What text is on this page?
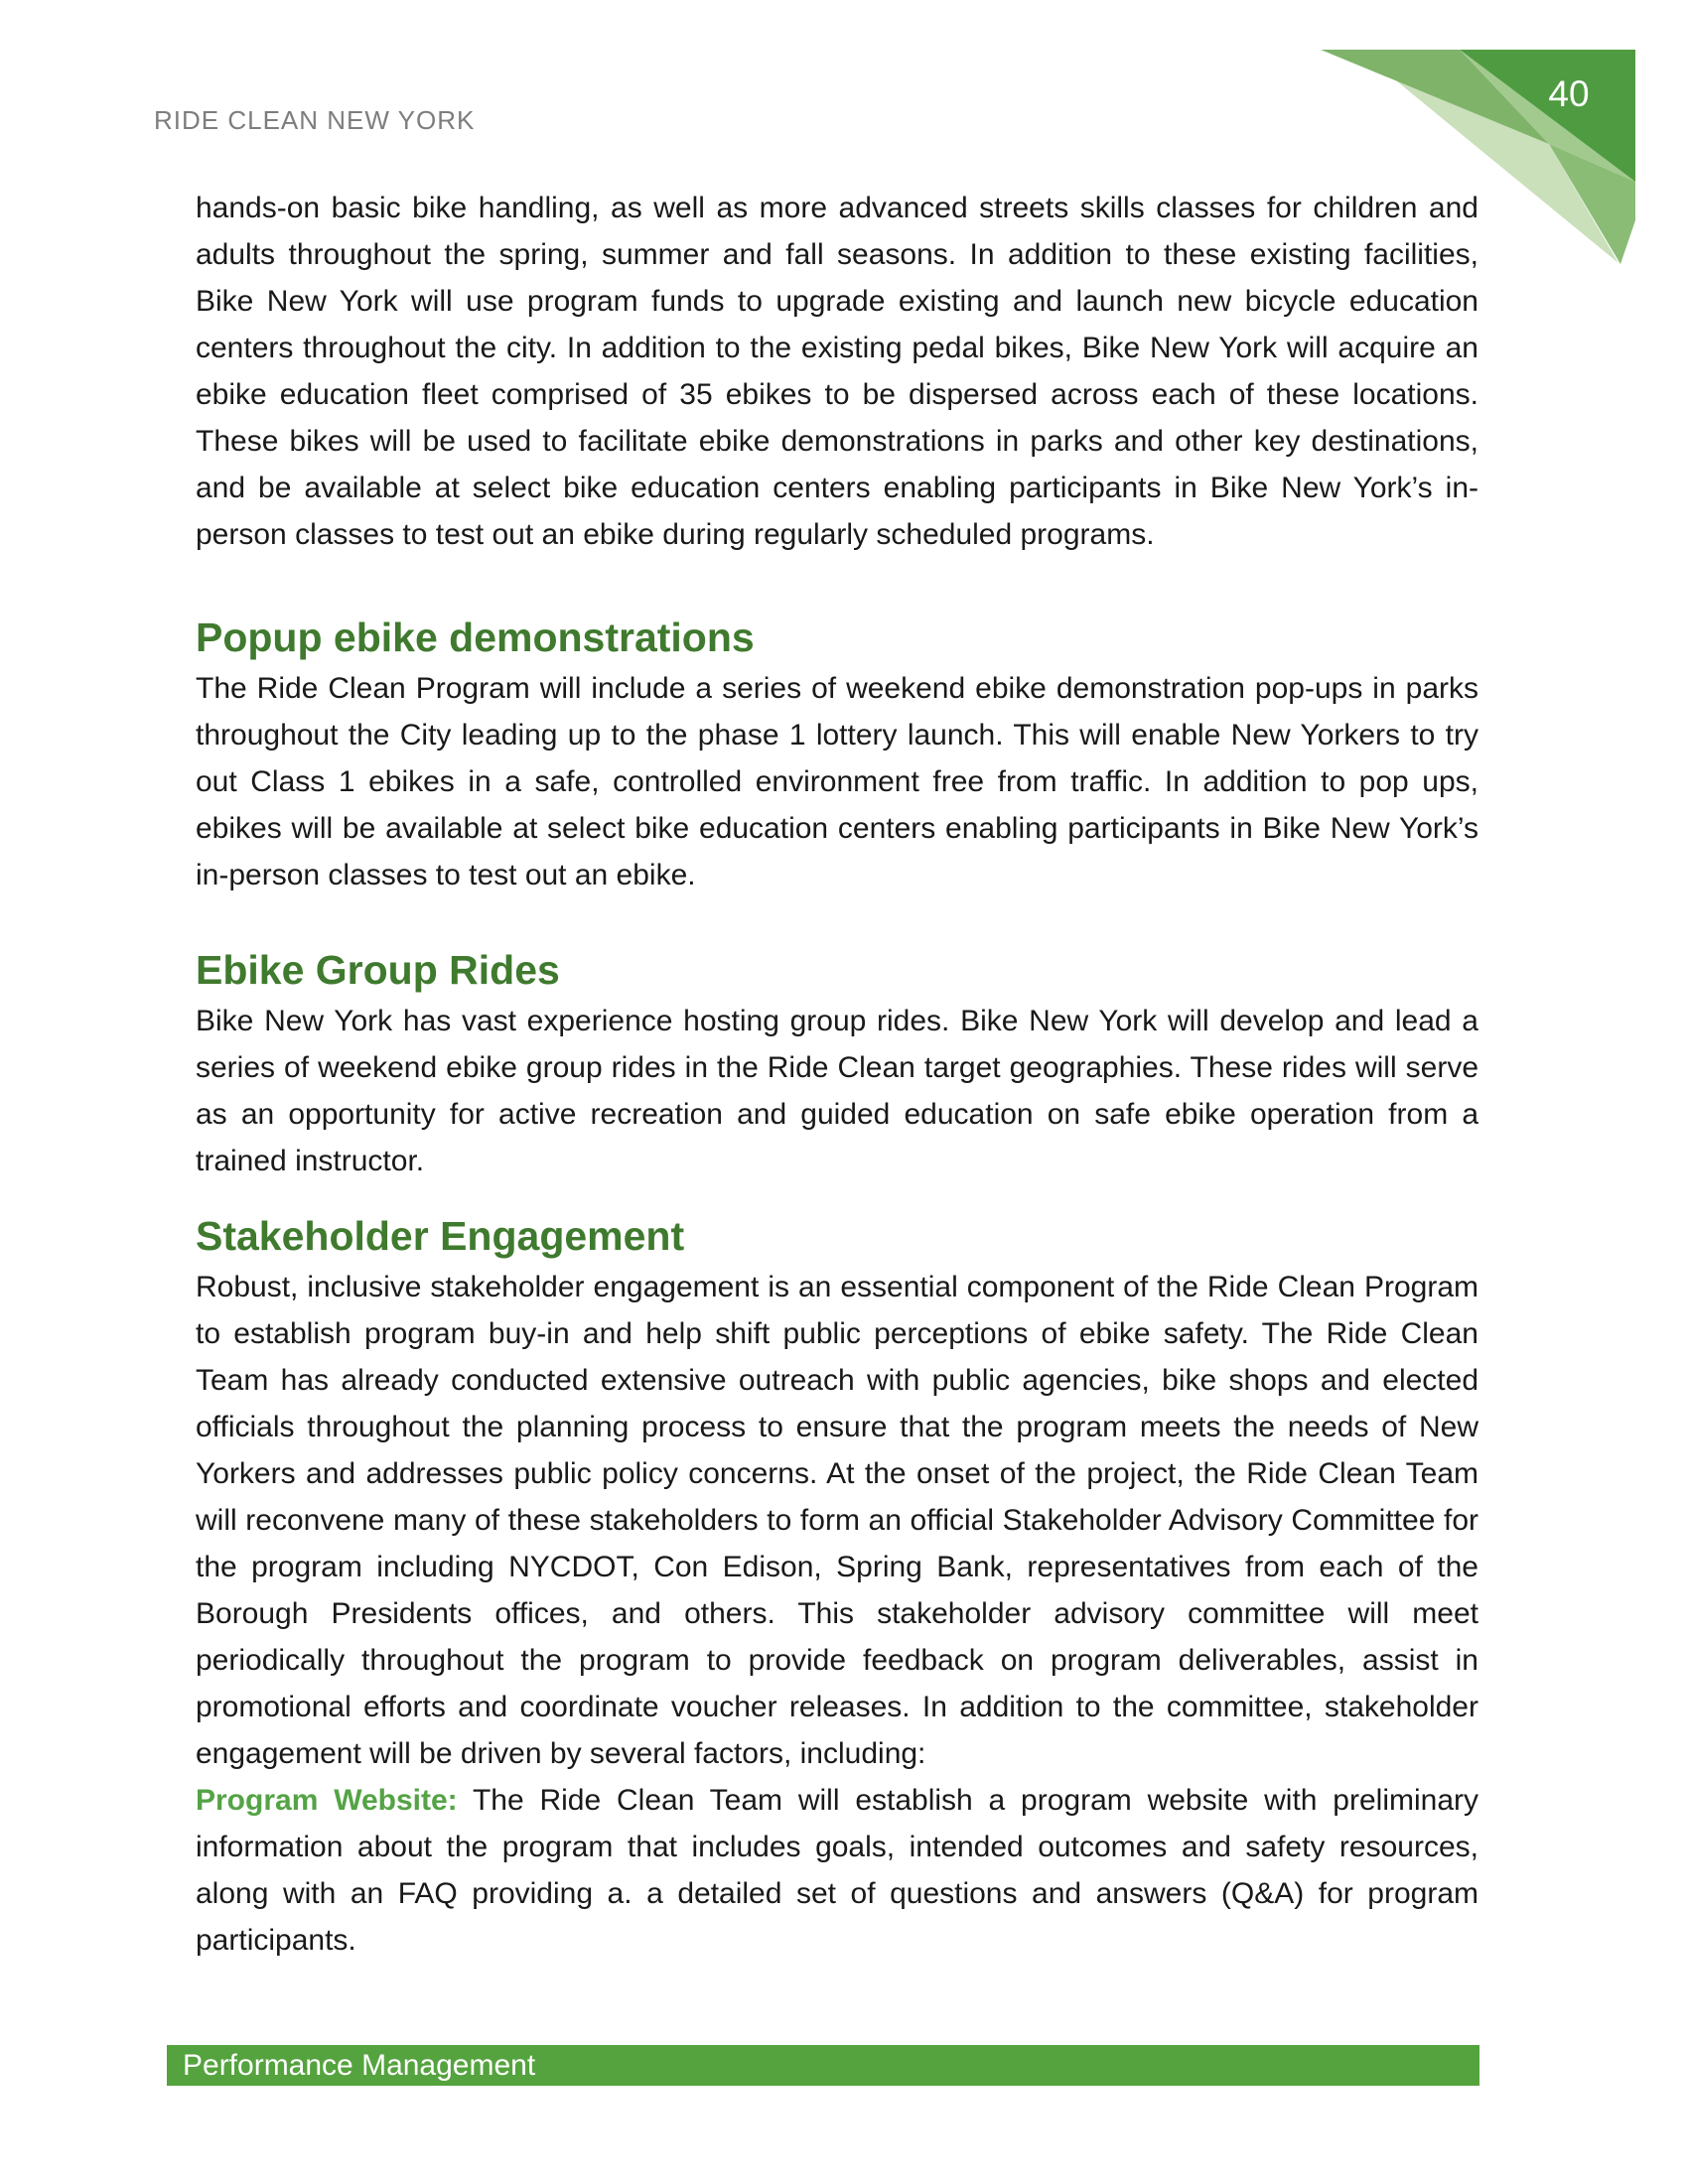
RIDE CLEAN NEW YORK
40

hands-on basic bike handling, as well as more advanced streets skills classes for children and adults throughout the spring, summer and fall seasons. In addition to these existing facilities, Bike New York will use program funds to upgrade existing and launch new bicycle education centers throughout the city. In addition to the existing pedal bikes, Bike New York will acquire an ebike education fleet comprised of 35 ebikes to be dispersed across each of these locations. These bikes will be used to facilitate ebike demonstrations in parks and other key destinations, and be available at select bike education centers enabling participants in Bike New York’s in-person classes to test out an ebike during regularly scheduled programs.

Popup ebike demonstrations

The Ride Clean Program will include a series of weekend ebike demonstration pop-ups in parks throughout the City leading up to the phase 1 lottery launch. This will enable New Yorkers to try out Class 1 ebikes in a safe, controlled environment free from traffic. In addition to pop ups, ebikes will be available at select bike education centers enabling participants in Bike New York’s in-person classes to test out an ebike.

Ebike Group Rides

Bike New York has vast experience hosting group rides. Bike New York will develop and lead a series of weekend ebike group rides in the Ride Clean target geographies. These rides will serve as an opportunity for active recreation and guided education on safe ebike operation from a trained instructor.

Stakeholder Engagement

Robust, inclusive stakeholder engagement is an essential component of the Ride Clean Program to establish program buy-in and help shift public perceptions of ebike safety. The Ride Clean Team has already conducted extensive outreach with public agencies, bike shops and elected officials throughout the planning process to ensure that the program meets the needs of New Yorkers and addresses public policy concerns. At the onset of the project, the Ride Clean Team will reconvene many of these stakeholders to form an official Stakeholder Advisory Committee for the program including NYCDOT, Con Edison, Spring Bank, representatives from each of the Borough Presidents offices, and others. This stakeholder advisory committee will meet periodically throughout the program to provide feedback on program deliverables, assist in promotional efforts and coordinate voucher releases. In addition to the committee, stakeholder engagement will be driven by several factors, including:

Program Website: The Ride Clean Team will establish a program website with preliminary information about the program that includes goals, intended outcomes and safety resources, along with an FAQ providing a. a detailed set of questions and answers (Q&A) for program participants.

Performance Management
